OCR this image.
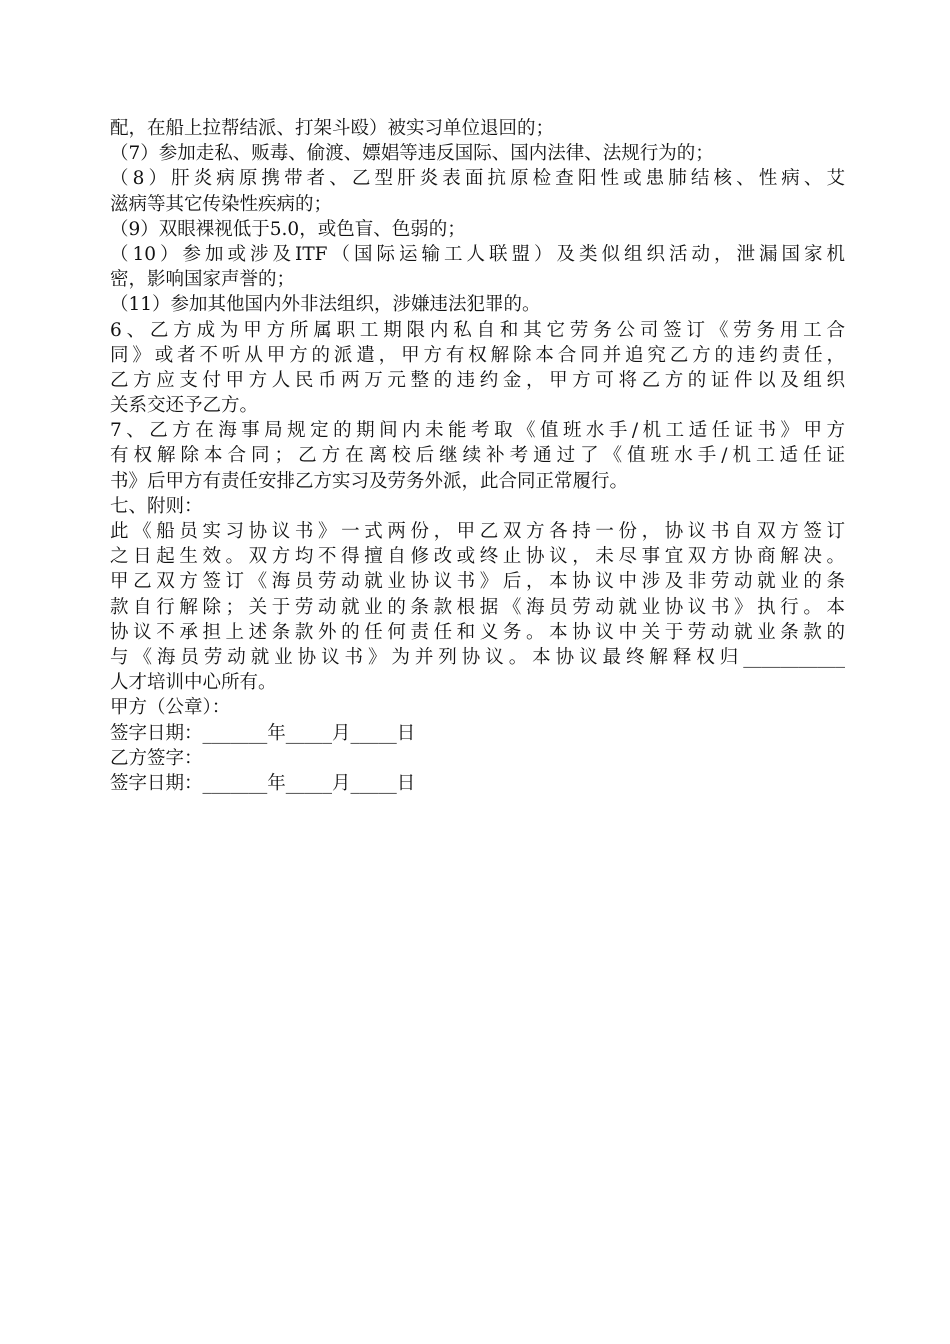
配，在船上拉帮结派、打架斗殴）被实习单位退回的；
（7）参加走私、贩毒、偷渡、嫖娼等违反国际、国内法律、法规行为的；
（8）肝炎病原携带者、乙型肝炎表面抗原检查阳性或患肺结核、性病、艾
滋病等其它传染性疾病的；
（9）双眼裸视低于5.0，或色盲、色弱的；
（10）参加或涉及ITF（国际运输工人联盟）及类似组织活动，泄漏国家机
密，影响国家声誉的；
（11）参加其他国内外非法组织，涉嫌违法犯罪的。
6、乙方成为甲方所属职工期限内私自和其它劳务公司签订《劳务用工合
同》或者不听从甲方的派遣，甲方有权解除本合同并追究乙方的违约责任，
乙方应支付甲方人民币两万元整的违约金，甲方可将乙方的证件以及组织
关系交还予乙方。
7、乙方在海事局规定的期间内未能考取《值班水手/机工适任证书》甲方
有权解除本合同；乙方在离校后继续补考通过了《值班水手/机工适任证
书》后甲方有责任安排乙方实习及劳务外派，此合同正常履行。
七、附则：
此《船员实习协议书》一式两份，甲乙双方各持一份，协议书自双方签订
之日起生效。双方均不得擅自修改或终止协议，未尽事宜双方协商解决。
甲乙双方签订《海员劳动就业协议书》后，本协议中涉及非劳动就业的条
款自行解除；关于劳动就业的条款根据《海员劳动就业协议书》执行。本
协议不承担上述条款外的任何责任和义务。本协议中关于劳动就业条款的
与《海员劳动就业协议书》为并列协议。本协议最终解释权归___________
人才培训中心所有。
甲方（公章）：
签字日期：_______年_____月_____日
乙方签字：
签字日期：_______年_____月_____日
